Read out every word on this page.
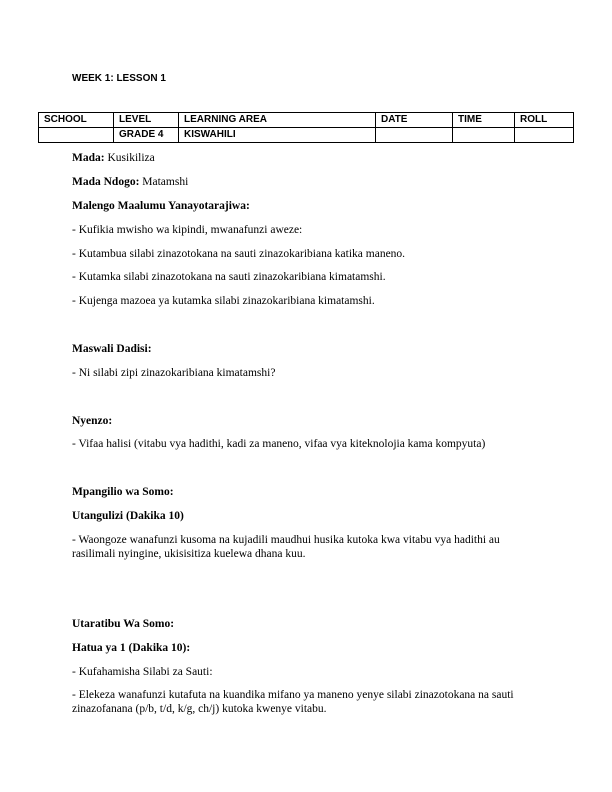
WEEK 1: LESSON 1
SCHOOL	LEVEL	LEARNING AREA	DATE	TIME	ROLL
	GRADE 4	KISWAHILI			
Mada: Kusikiliza
Mada Ndogo: Matamshi
Malengo Maalumu Yanayotarajiwa:
- Kufikia mwisho wa kipindi, mwanafunzi aweze:
- Kutambua silabi zinazotokana na sauti zinazokaribiana katika maneno.
- Kutamka silabi zinazotokana na sauti zinazokaribiana kimatamshi.
- Kujenga mazoea ya kutamka silabi zinazokaribiana kimatamshi.
Maswali Dadisi:
- Ni silabi zipi zinazokaribiana kimatamshi?
Nyenzo:
- Vifaa halisi (vitabu vya hadithi, kadi za maneno, vifaa vya kiteknolojia kama kompyuta)
Mpangilio wa Somo:
Utangulizi (Dakika 10)
- Waongoze wanafunzi kusoma na kujadili maudhui husika kutoka kwa vitabu vya hadithi au rasilimali nyingine, ukisisitiza kuelewa dhana kuu.
Utaratibu Wa Somo:
Hatua ya 1 (Dakika 10):
- Kufahamisha Silabi za Sauti:
- Elekeza wanafunzi kutafuta na kuandika mifano ya maneno yenye silabi zinazotokana na sauti zinazofanana (p/b, t/d, k/g, ch/j) kutoka kwenye vitabu.
